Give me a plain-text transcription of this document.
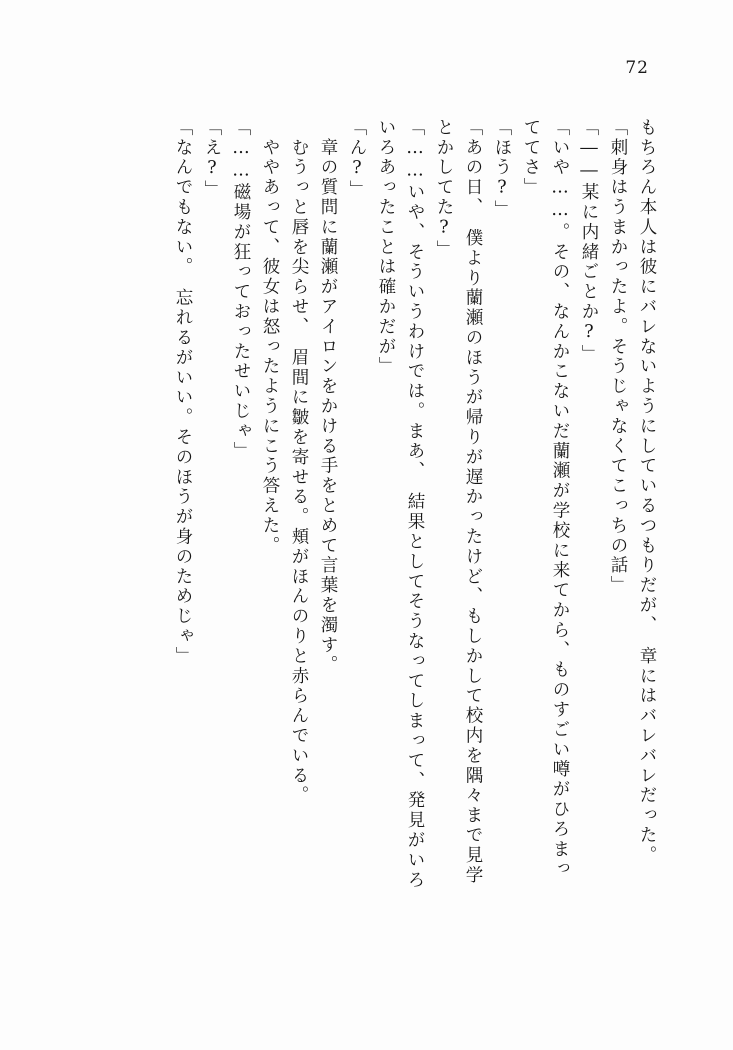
72
もちろん本人は彼にバレないようにしているつもりだが、　章にはバレバレだった。
「刺身はうまかったよ。そうじゃなくてこっちの話」
「――某に内緒ごとか?」
「いや……。その、なんかこないだ蘭瀬が学校に来てから、ものすごい噂がひろまっ
ててさ」
「ほう?」
「あの日、　僕より蘭瀬のほうが帰りが遅かったけど、もしかして校内を隅々まで見学
とかしてた?」
「……いや、そういうわけでは。まあ、　結果としてそうなってしまって、発見がいろ
いろあったことは確かだが」
「ん?」
　章の質問に蘭瀬がアイロンをかける手をとめて言葉を濁す。
　むうっと唇を尖らせ、　眉間に皺を寄せる。頬がほんのりと赤らんでいる。
　ややあって、彼女は怒ったようにこう答えた。
「……磁場が狂っておったせいじゃ」
「え?」
「なんでもない。　忘れるがいい。そのほうが身のためじゃ」
